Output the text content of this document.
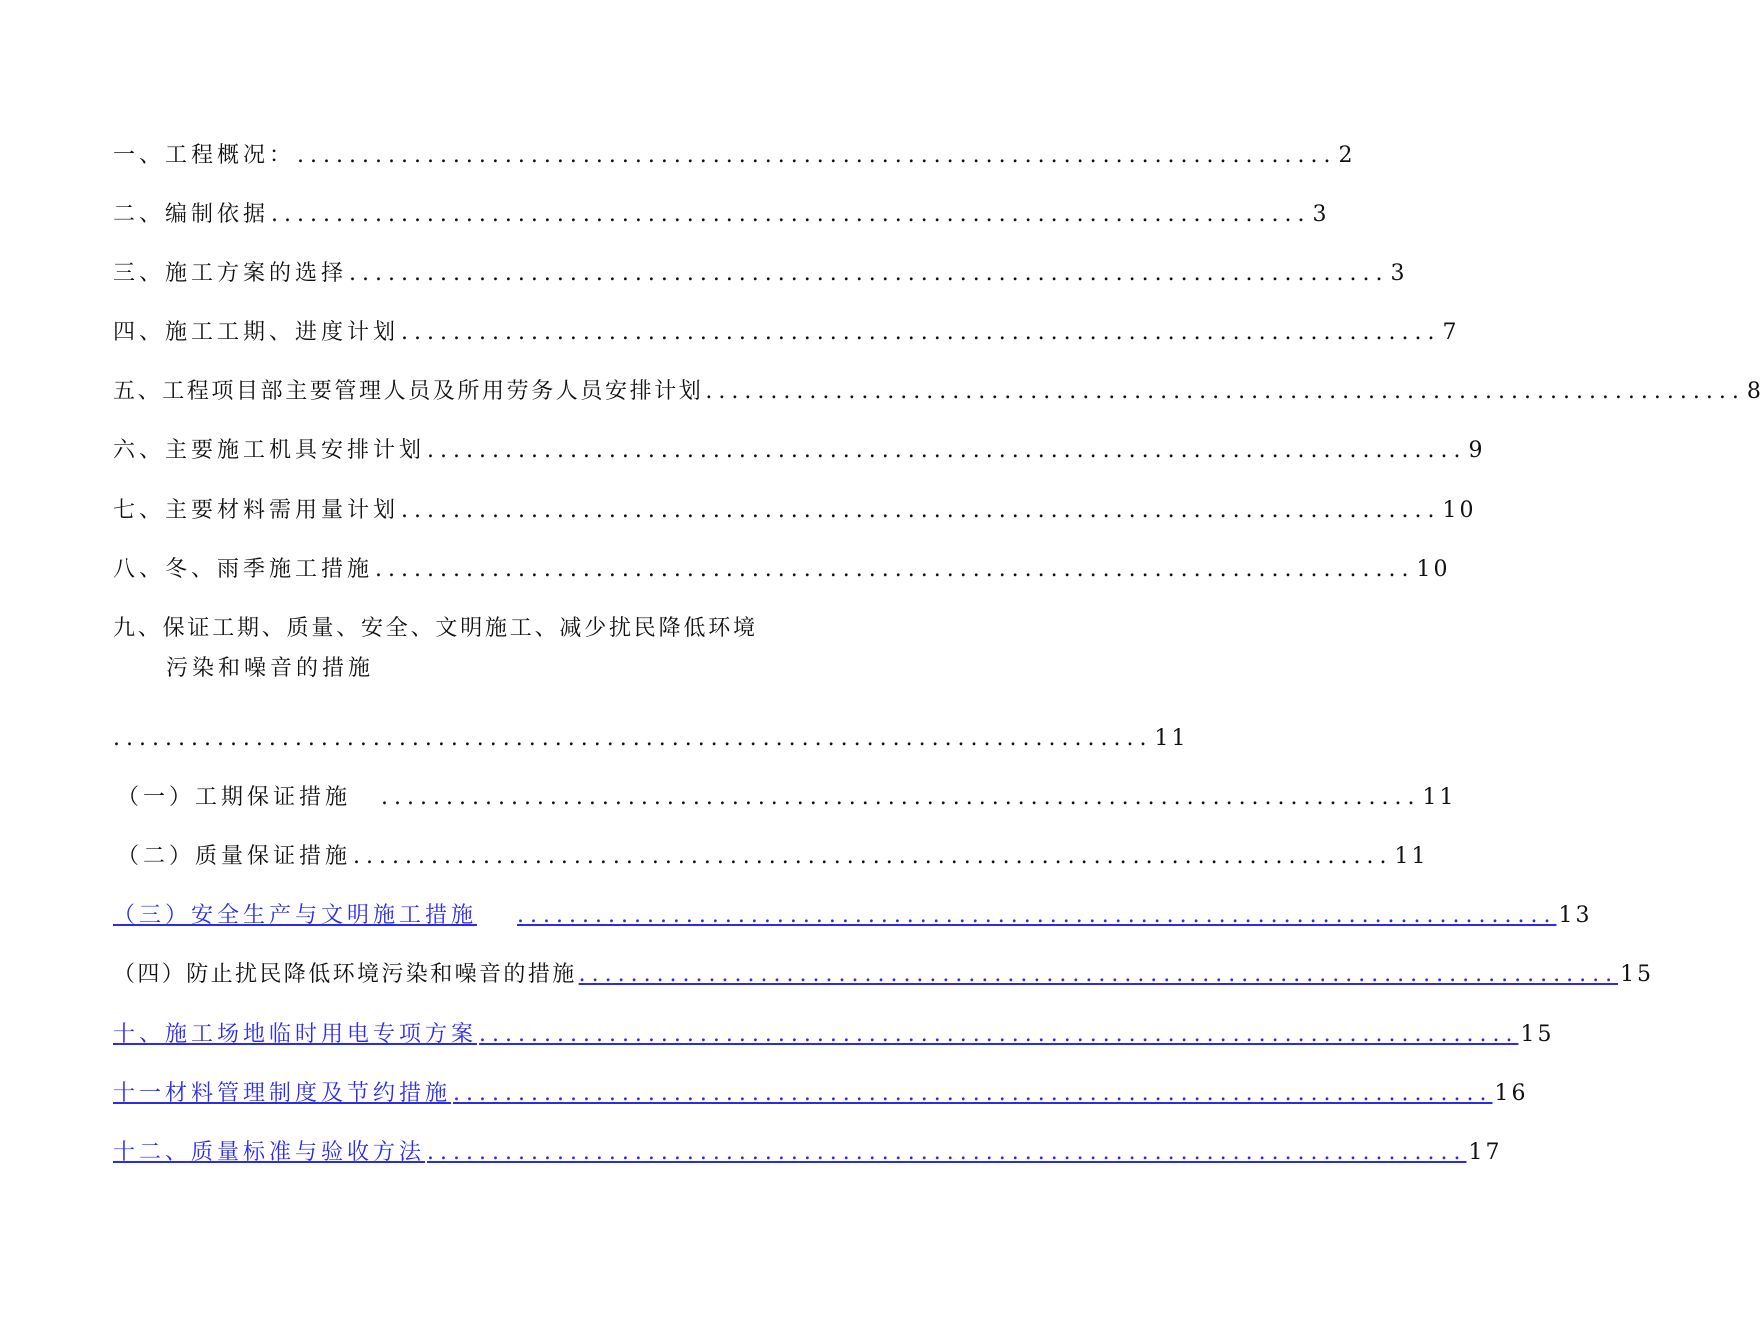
一、工程概况： ................................................................................ 2
二、编制依据 ................................................................................ 3
三、施工方案的选择 ................................................................................ 3
四、施工工期、进度计划 ................................................................................ 7
五、工程项目部主要管理人员及所用劳务人员安排计划 ................................................................................ 8
六、主要施工机具安排计划 ................................................................................ 9
七、主要材料需用量计划 ................................................................................ 10
八、冬、雨季施工措施 ................................................................................ 10
九、保证工期、质量、安全、文明施工、减少扰民降低环境
污染和噪音的措施
................................................................................ 11
（一）工期保证措施 ................................................................................ 11
（二）质量保证措施 ................................................................................ 11
（三）安全生产与文明施工措施 ................................................................................ 13
（四）防止扰民降低环境污染和噪音的措施 ................................................................................ 15
十、施工场地临时用电专项方案 ................................................................................ 15
十一材料管理制度及节约措施 ................................................................................ 16
十二、质量标准与验收方法 ................................................................................ 17
